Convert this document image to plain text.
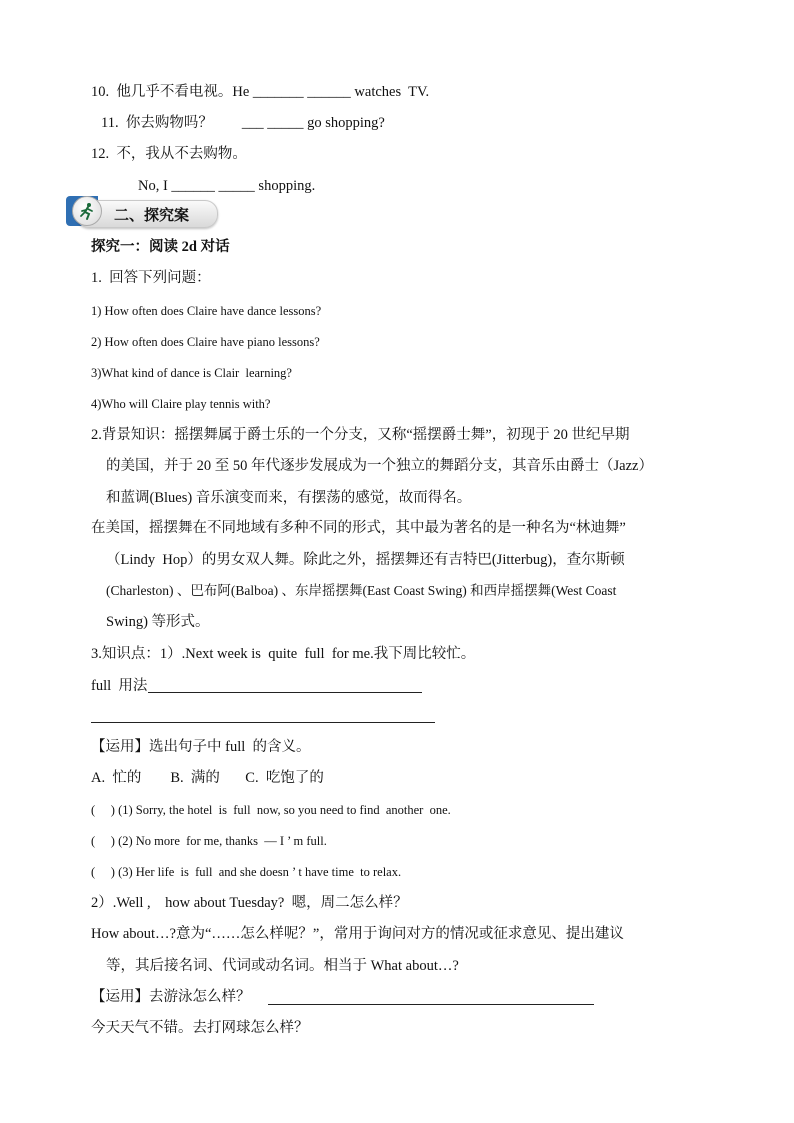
10.  他几乎不看电视。He _______ ______ watches  TV.
11.  你去购物吗？        ___ _____ go shopping?
12.  不，我从不去购物。
No, I ______ _____ shopping.
二、探究案
探究一：阅读 2d 对话
1.  回答下列问题：
1) How often does Claire have dance lessons?
2) How often does Claire have piano lessons?
3)What kind of dance is Clair  learning?
4)Who will Claire play tennis with?
2.背景知识：摇摆舞属于爵士乐的一个分支，又称“摇摆爵士舞”，初现于 20 世纪早期
的美国，并于 20 至 50 年代逐步发展成为一个独立的舞蹈分支，其音乐由爵士（Jazz）
和蓝调(Blues) 音乐演变而来，有摆荡的感觉，故而得名。
在美国，摇摆舞在不同地域有多种不同的形式，其中最为著名的是一种名为“林迪舞”
（Lindy  Hop）的男女双人舞。除此之外，摇摆舞还有吉特巴(Jitterbug)，查尔斯顿
(Charleston) 、巴布阿(Balboa) 、东岸摇摆舞(East Coast Swing) 和西岸摇摆舞(West Coast
Swing) 等形式。
3.知识点：1）.Next week is  quite  full  for me.我下周比较忙。
full  用法
【运用】选出句子中 full  的含义。
A.  忙的        B.  满的       C.  吃饱了的
(     ) (1) Sorry, the hotel  is  full  now, so you need to find  another  one.
(     ) (2) No more  for me, thanks  — I ’ m full.
(     ) (3) Her life  is  full  and she doesn ’ t have time  to relax.
2）.Well ,    how about Tuesday?  嗯，周二怎么样？
How about…?意为“……怎么样呢？”，常用于询问对方的情况或征求意见、提出建议
等，其后接名词、代词或动名词。相当于 What about…?
【运用】去游泳怎么样？
今天天气不错。去打网球怎么样？
